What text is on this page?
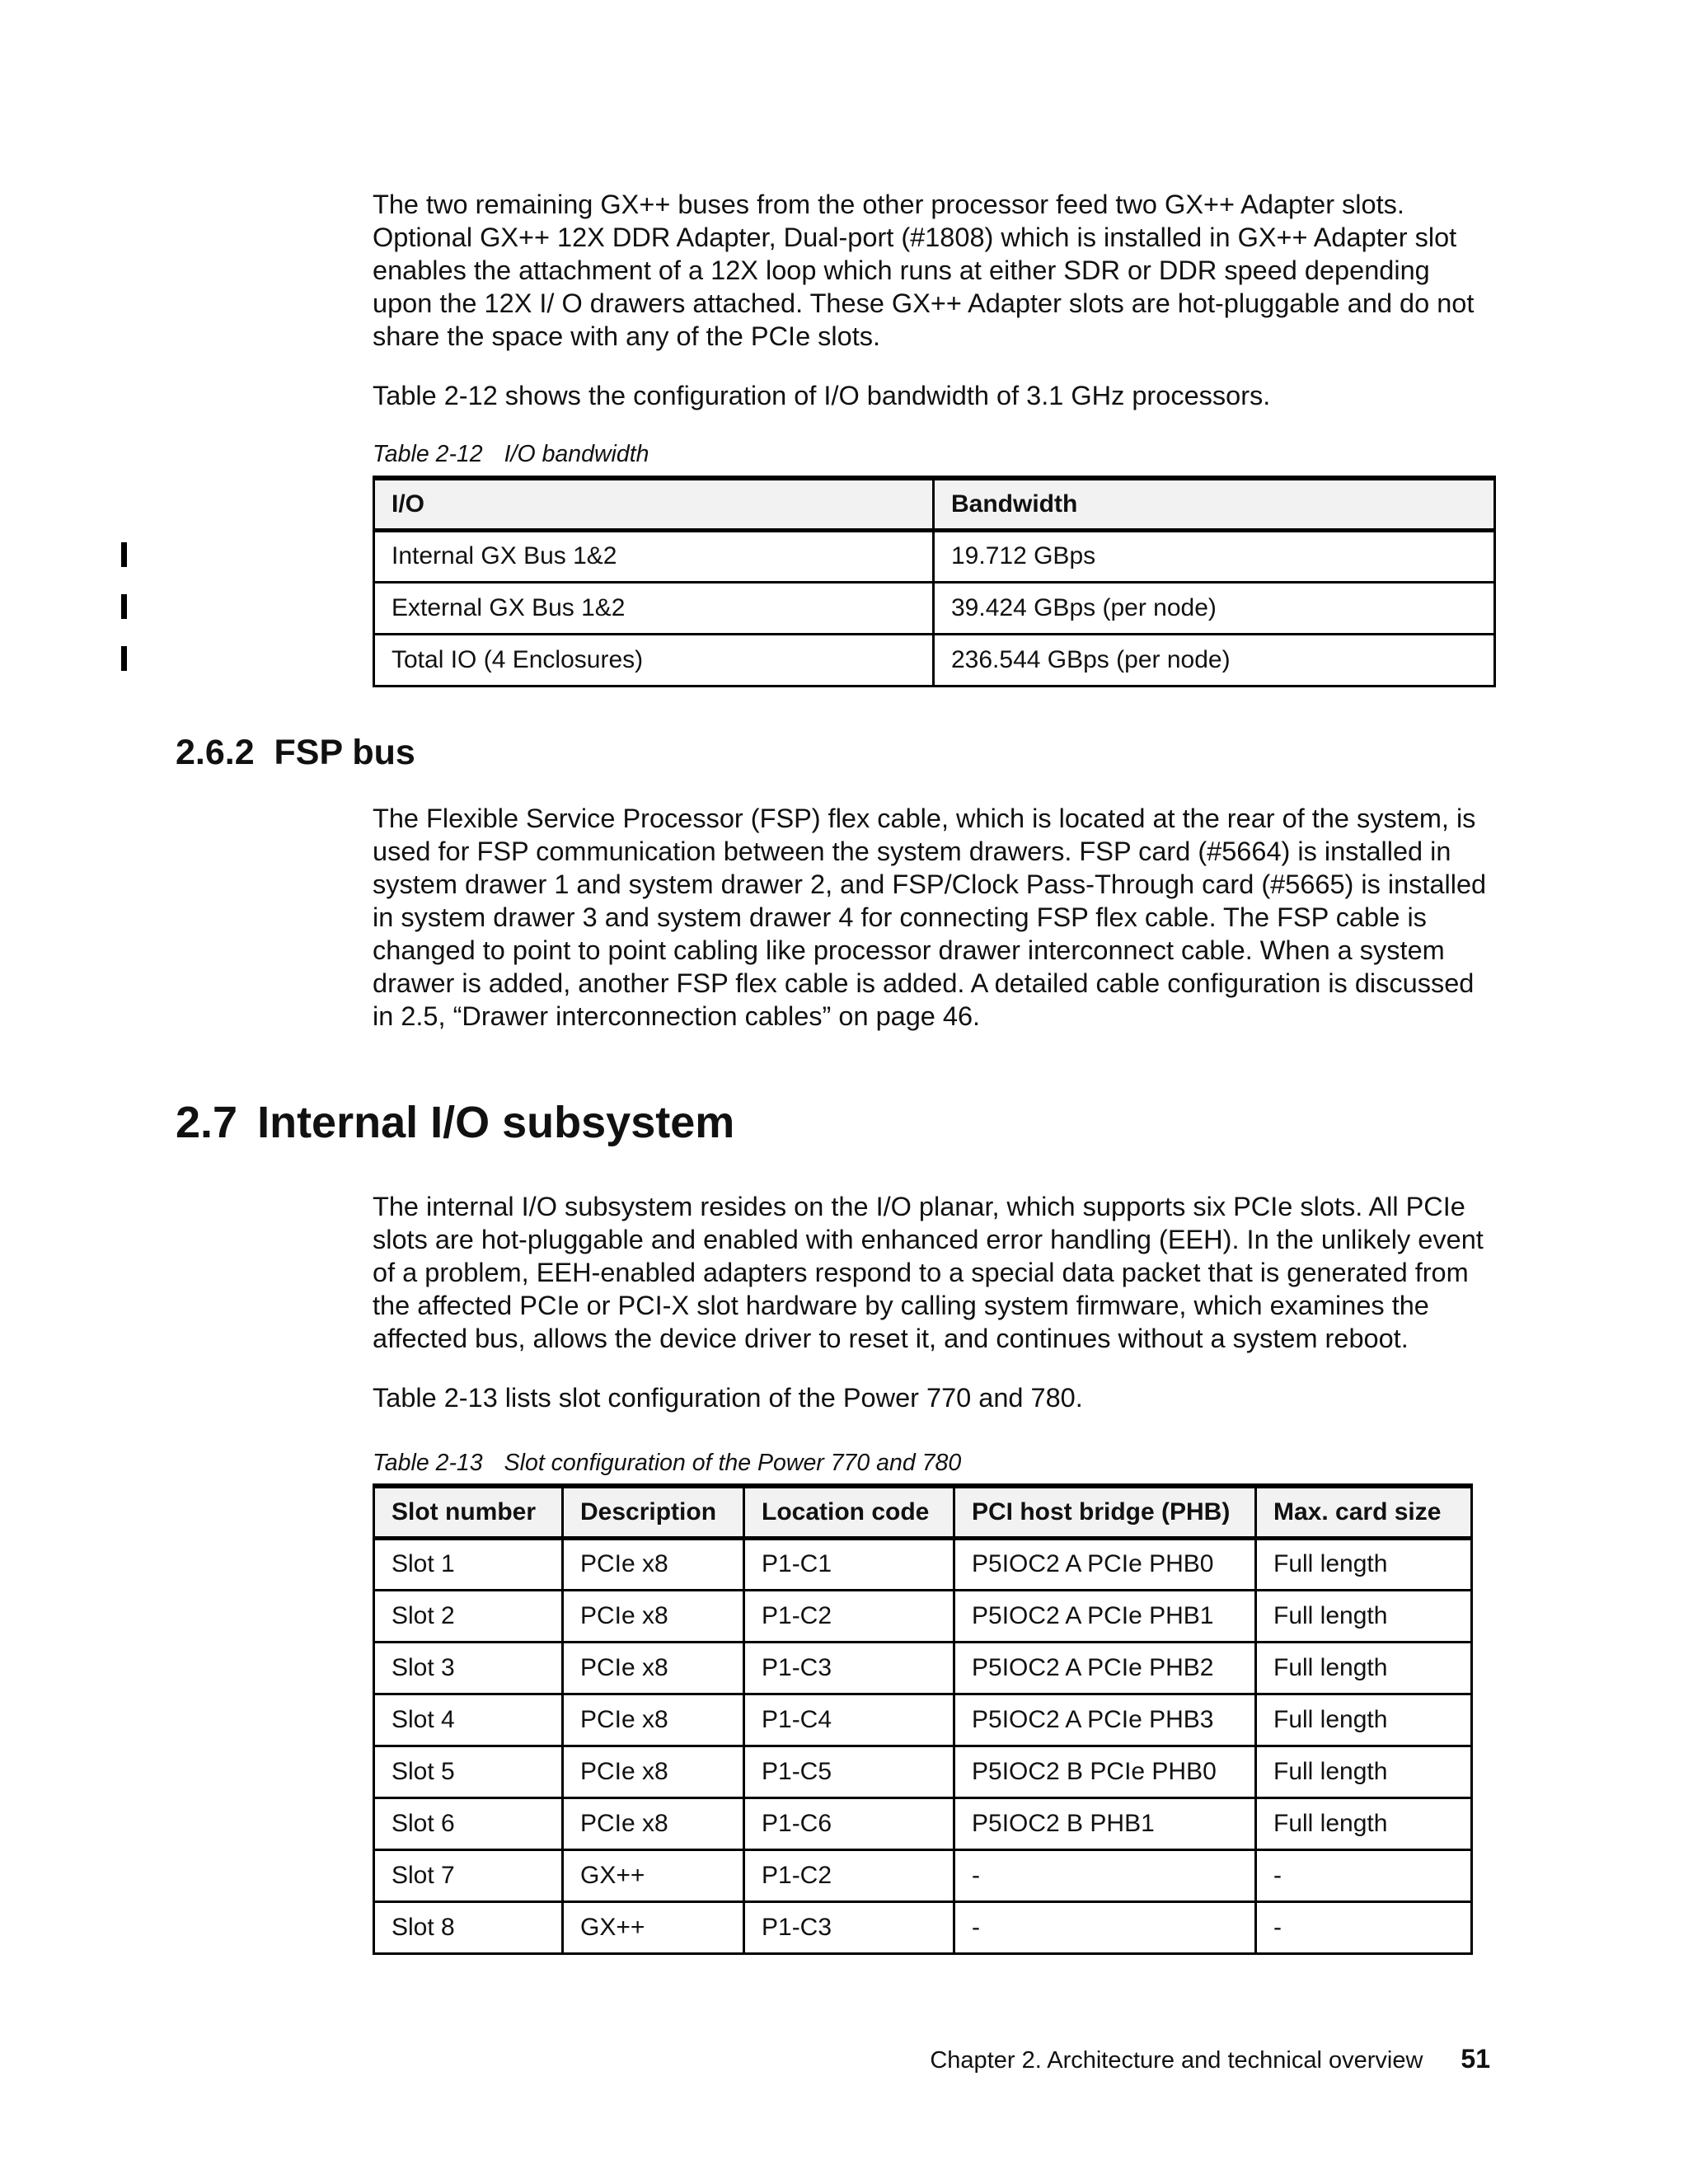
The two remaining GX++ buses from the other processor feed two GX++ Adapter slots. Optional GX++ 12X DDR Adapter, Dual-port (#1808) which is installed in GX++ Adapter slot enables the attachment of a 12X loop which runs at either SDR or DDR speed depending upon the 12X I/ O drawers attached. These GX++ Adapter slots are hot-pluggable and do not share the space with any of the PCIe slots.

Table 2-12 shows the configuration of I/O bandwidth of 3.1 GHz processors.

Table 2-12 I/O bandwidth

I/O	Bandwidth
Internal GX Bus 1&2	19.712 GBps
External GX Bus 1&2	39.424 GBps (per node)
Total IO (4 Enclosures)	236.544 GBps (per node)
2.6.2  FSP bus

The Flexible Service Processor (FSP) flex cable, which is located at the rear of the system, is used for FSP communication between the system drawers. FSP card (#5664) is installed in system drawer 1 and system drawer 2, and FSP/Clock Pass-Through card (#5665) is installed in system drawer 3 and system drawer 4 for connecting FSP flex cable. The FSP cable is changed to point to point cabling like processor drawer interconnect cable. When a system drawer is added, another FSP flex cable is added. A detailed cable configuration is discussed in 2.5, “Drawer interconnection cables” on page 46.

2.7 Internal I/O subsystem

The internal I/O subsystem resides on the I/O planar, which supports six PCIe slots. All PCIe slots are hot-pluggable and enabled with enhanced error handling (EEH). In the unlikely event of a problem, EEH-enabled adapters respond to a special data packet that is generated from the affected PCIe or PCI-X slot hardware by calling system firmware, which examines the affected bus, allows the device driver to reset it, and continues without a system reboot.

Table 2-13 lists slot configuration of the Power 770 and 780.

Table 2-13 Slot configuration of the Power 770 and 780

Slot number	Description	Location code	PCI host bridge (PHB)	Max. card size
Slot 1	PCIe x8	P1-C1	P5IOC2 A PCIe PHB0	Full length
Slot 2	PCIe x8	P1-C2	P5IOC2 A PCIe PHB1	Full length
Slot 3	PCIe x8	P1-C3	P5IOC2 A PCIe PHB2	Full length
Slot 4	PCIe x8	P1-C4	P5IOC2 A PCIe PHB3	Full length
Slot 5	PCIe x8	P1-C5	P5IOC2 B PCIe PHB0	Full length
Slot 6	PCIe x8	P1-C6	P5IOC2 B PHB1	Full length
Slot 7	GX++	P1-C2	-	-
Slot 8	GX++	P1-C3	-	-
Chapter 2. Architecture and technical overview 51
